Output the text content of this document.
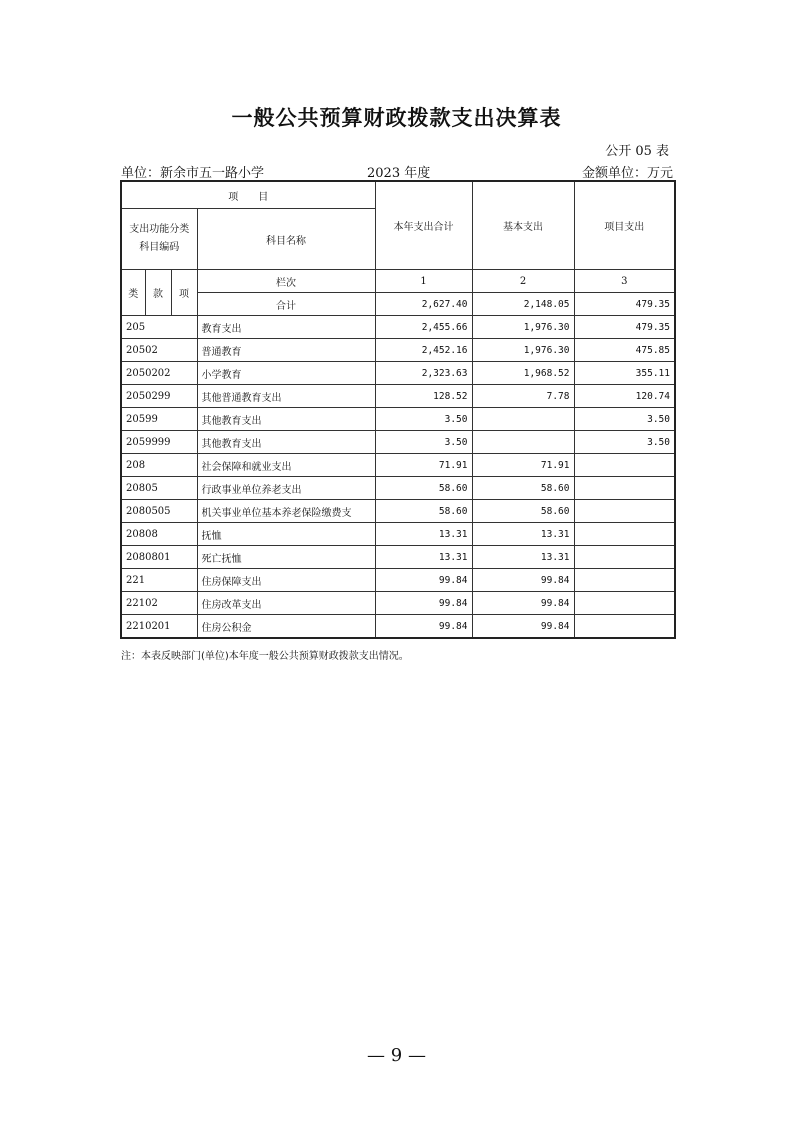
一般公共预算财政拨款支出决算表
公开 05 表
单位：新余市五一路小学	2023 年度	金额单位：万元
项　　目				本年支出合计	基本支出	项目支出

支出功能分类
科目编码			科目名称			
类	款	项	栏次	1	2	3
			合计	2,627.40	2,148.05	479.35
205			教育支出	2,455.66	1,976.30	479.35
20502			普通教育	2,452.16	1,976.30	475.85
2050202			小学教育	2,323.63	1,968.52	355.11
2050299			其他普通教育支出	128.52	7.78	120.74
20599			其他教育支出	3.50		3.50
2059999			其他教育支出	3.50		3.50
208			社会保障和就业支出	71.91	71.91	
20805			行政事业单位养老支出	58.60	58.60	
2080505			机关事业单位基本养老保险缴费支	58.60	58.60	
20808			抚恤	13.31	13.31	
2080801			死亡抚恤	13.31	13.31	
221			住房保障支出	99.84	99.84	
22102			住房改革支出	99.84	99.84	
2210201			住房公积金	99.84	99.84	
注：本表反映部门(单位)本年度一般公共预算财政拨款支出情况。
— 9 —
